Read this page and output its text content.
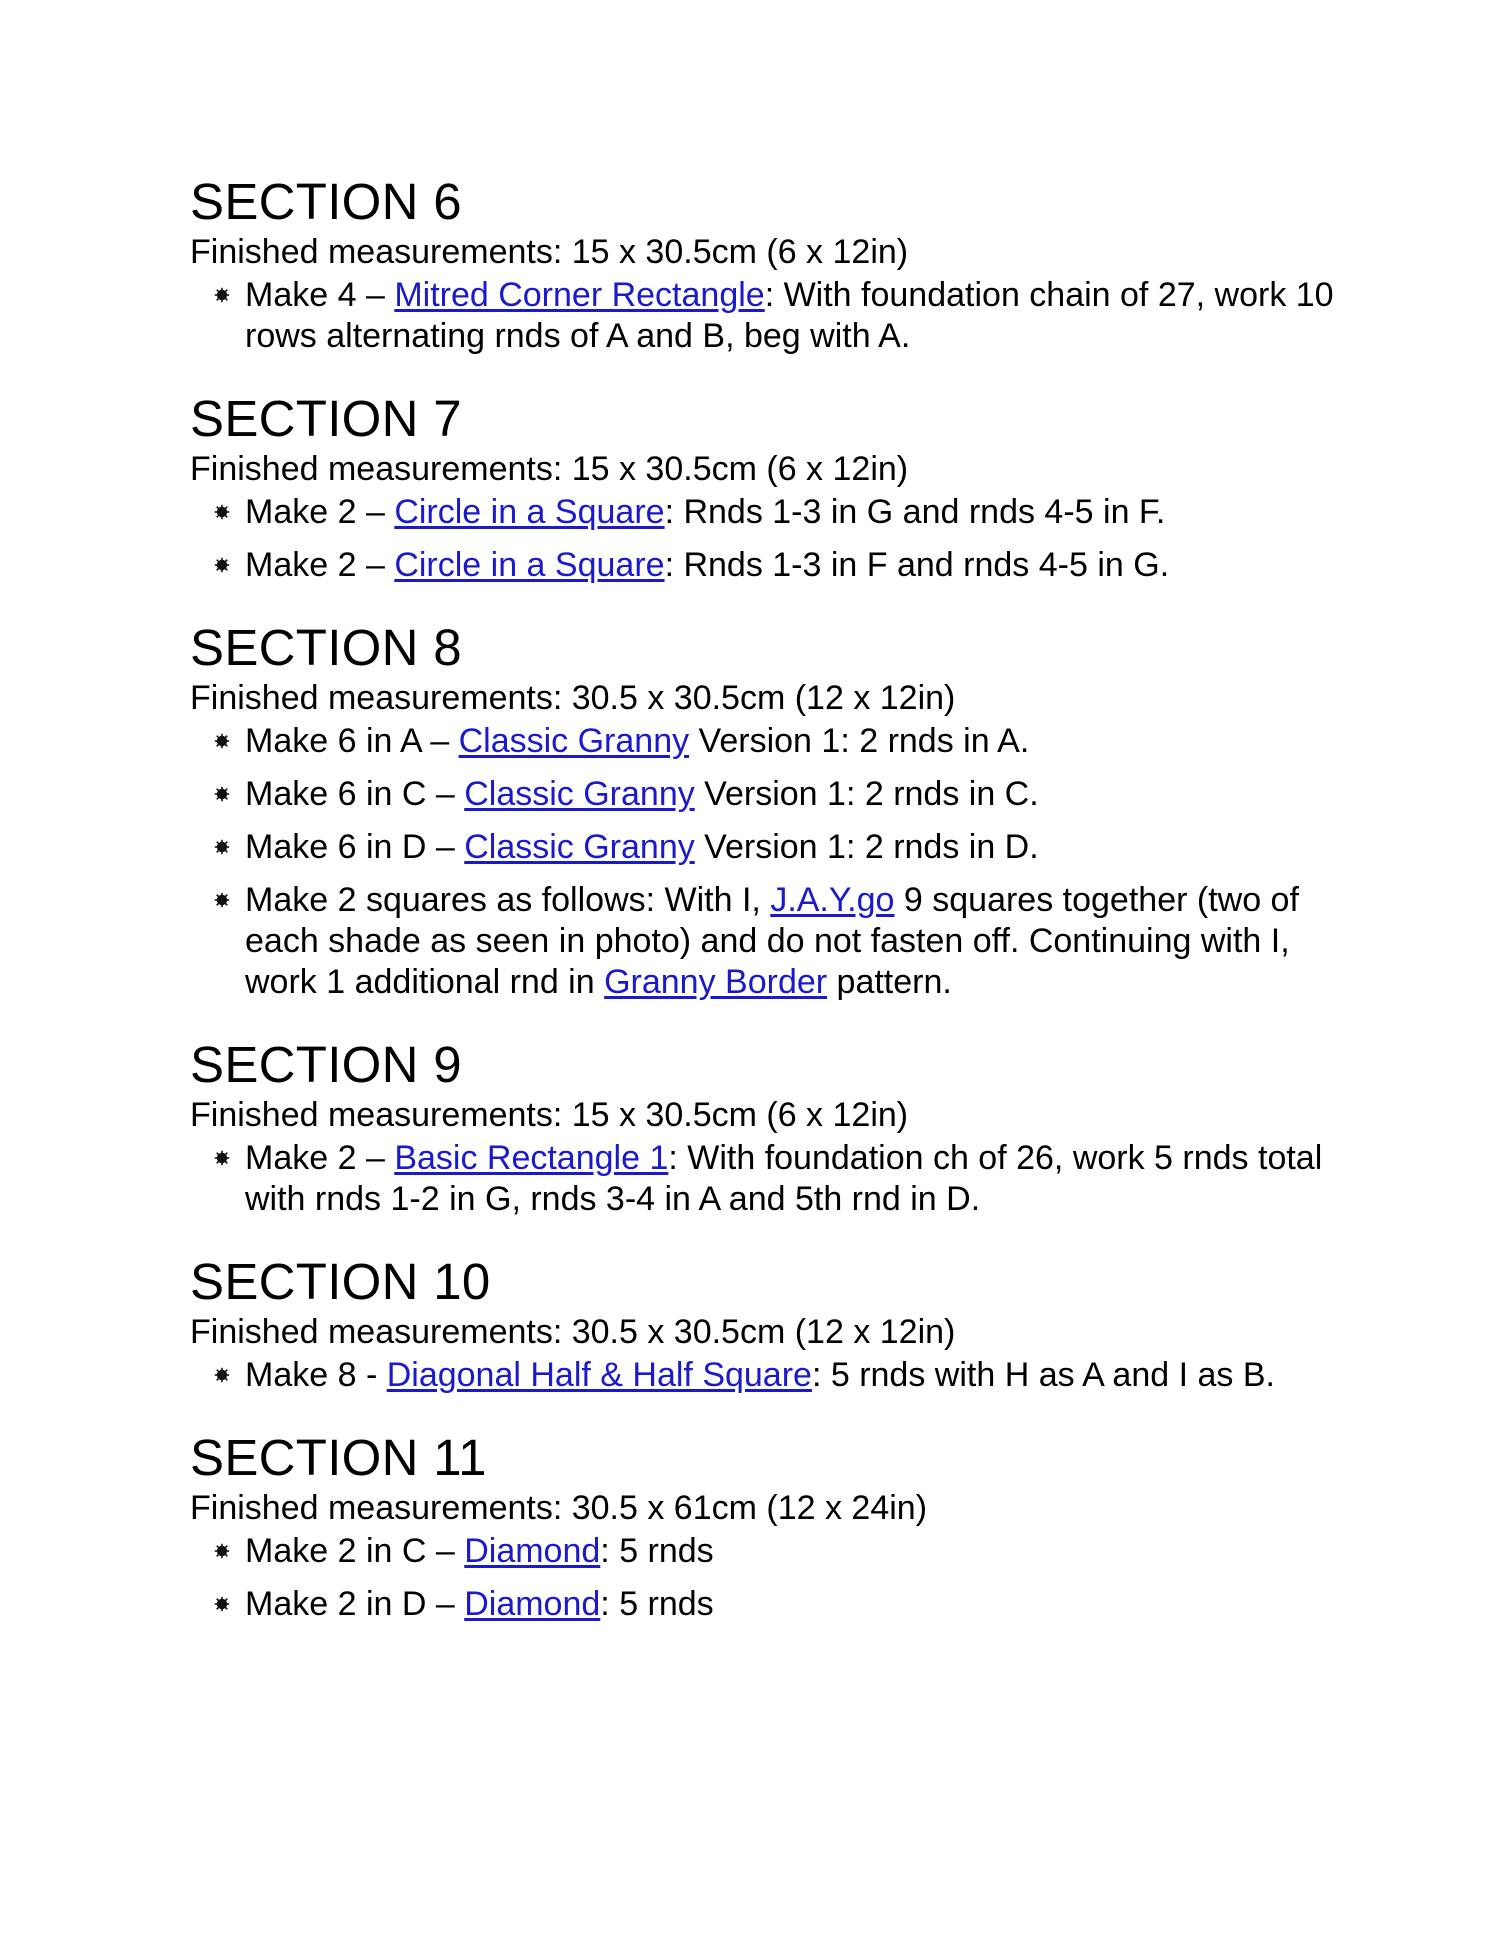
SECTION 6

Finished measurements: 15 x 30.5cm (6 x 12in)

Make 4 – Mitred Corner Rectangle: With foundation chain of 27, work 10 rows alternating rnds of A and B, beg with A.
SECTION 7

Finished measurements: 15 x 30.5cm (6 x 12in)

Make 2 – Circle in a Square: Rnds 1-3 in G and rnds 4-5 in F.
Make 2 – Circle in a Square: Rnds 1-3 in F and rnds 4-5 in G.
SECTION 8

Finished measurements: 30.5 x 30.5cm (12 x 12in)

Make 6 in A – Classic Granny Version 1: 2 rnds in A.
Make 6 in C – Classic Granny Version 1: 2 rnds in C.
Make 6 in D – Classic Granny Version 1: 2 rnds in D.
Make 2 squares as follows: With I, J.A.Y.go 9 squares together (two of each shade as seen in photo) and do not fasten off. Continuing with I, work 1 additional rnd in Granny Border pattern.
SECTION 9

Finished measurements: 15 x 30.5cm (6 x 12in)

Make 2 – Basic Rectangle 1: With foundation ch of 26, work 5 rnds total with rnds 1-2 in G, rnds 3-4 in A and 5th rnd in D.
SECTION 10

Finished measurements: 30.5 x 30.5cm (12 x 12in)

Make 8 - Diagonal Half & Half Square: 5 rnds with H as A and I as B.
SECTION 11

Finished measurements: 30.5 x 61cm (12 x 24in)

Make 2 in C – Diamond: 5 rnds
Make 2 in D – Diamond: 5 rnds
